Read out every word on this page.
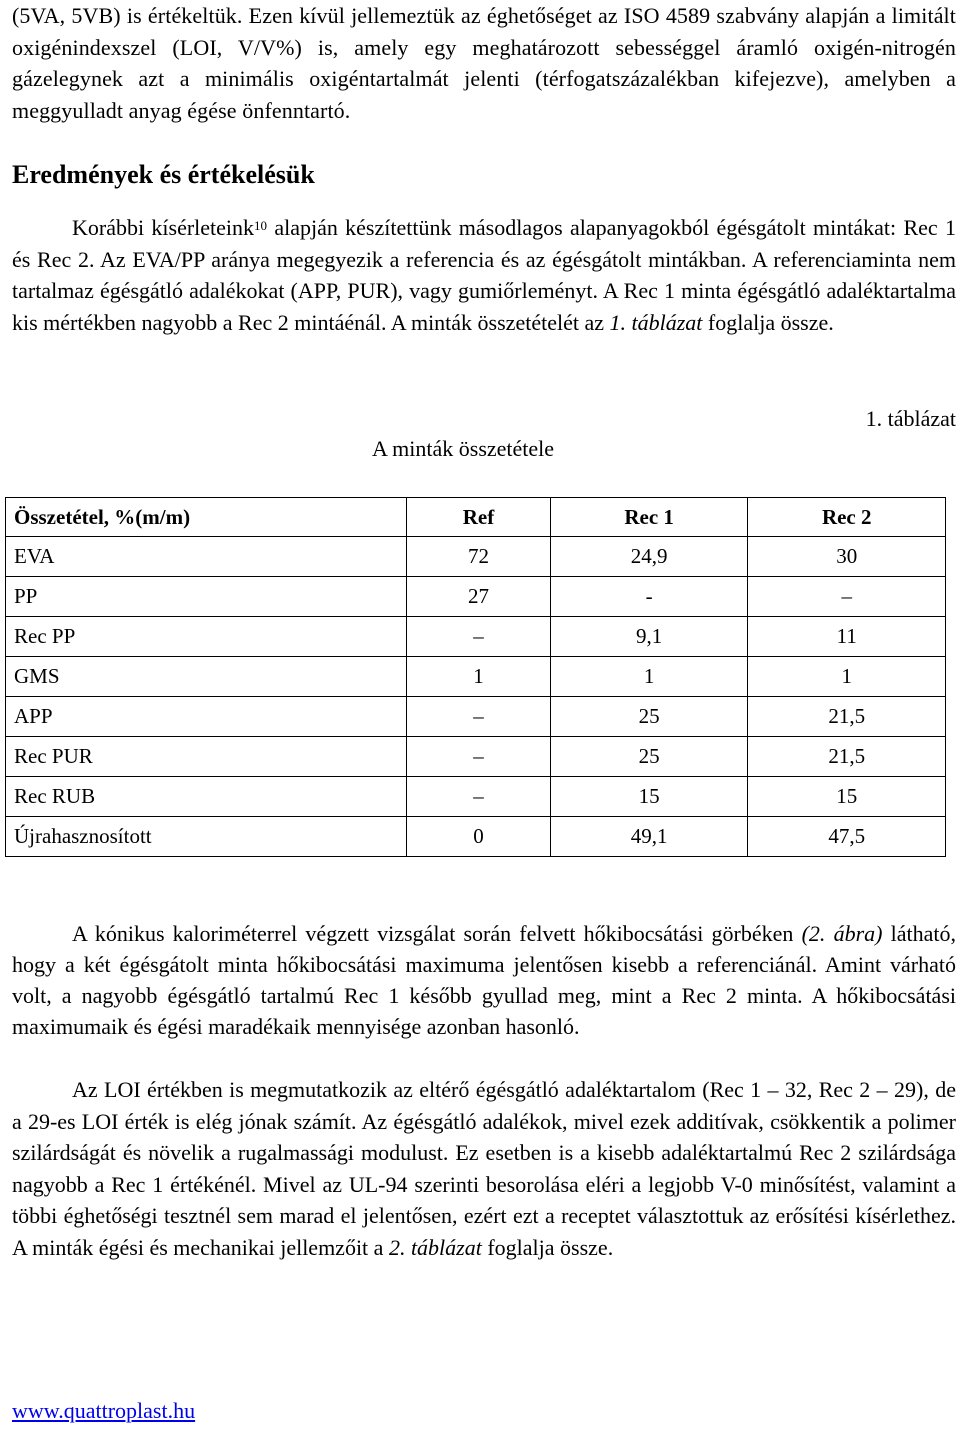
(5VA, 5VB) is értékeltük. Ezen kívül jellemeztük az éghetőséget az ISO 4589 szabvány alapján a limitált oxigénindexszel (LOI, V/V%) is, amely egy meghatározott sebességgel áramló oxigén-nitrogén gázelegynek azt a minimális oxigéntartalmát jelenti (térfogatszázalékban kifejezve), amelyben a meggyulladt anyag égése önfenntartó.

Eredmények és értékelésük

Korábbi kísérleteink$^{10}$ alapján készítettünk másodlagos alapanyagokból égésgátolt mintákat: Rec 1 és Rec 2. Az EVA/PP aránya megegyezik a referencia és az égésgátolt mintákban. A referenciaminta nem tartalmaz égésgátló adalékokat (APP, PUR), vagy gumiőrleményt. A Rec 1 minta égésgátló adaléktartalma kis mértékben nagyobb a Rec 2 mintáénál. A minták összetételét az 1. táblázat foglalja össze.

1. táblázat
A minták összetétele
Összetétel, %(m/m)	Ref	Rec 1	Rec 2
EVA	72	24,9	30
PP	27	-	–
Rec PP	–	9,1	11
GMS	1	1	1
APP	–	25	21,5
Rec PUR	–	25	21,5
Rec RUB	–	15	15
Újrahasznosított	0	49,1	47,5

A kónikus kaloriméterrel végzett vizsgálat során felvett hőkibocsátási görbéken (2. ábra) látható, hogy a két égésgátolt minta hőkibocsátási maximuma jelentősen kisebb a referenciánál. Amint várható volt, a nagyobb égésgátló tartalmú Rec 1 később gyullad meg, mint a Rec 2 minta. A hőkibocsátási maximumaik és égési maradékaik mennyisége azonban hasonló.

Az LOI értékben is megmutatkozik az eltérő égésgátló adaléktartalom (Rec 1 – 32, Rec 2 – 29), de a 29-es LOI érték is elég jónak számít. Az égésgátló adalékok, mivel ezek additívak, csökkentik a polimer szilárdságát és növelik a rugalmassági modulust. Ez esetben is a kisebb adaléktartalmú Rec 2 szilárdsága nagyobb a Rec 1 értékénél. Mivel az UL-94 szerinti besorolása eléri a legjobb V-0 minősítést, valamint a többi éghetőségi tesztnél sem marad el jelentősen, ezért ezt a receptet választottuk az erősítési kísérlethez. A minták égési és mechanikai jellemzőit a 2. táblázat foglalja össze.

www.quattroplast.hu
